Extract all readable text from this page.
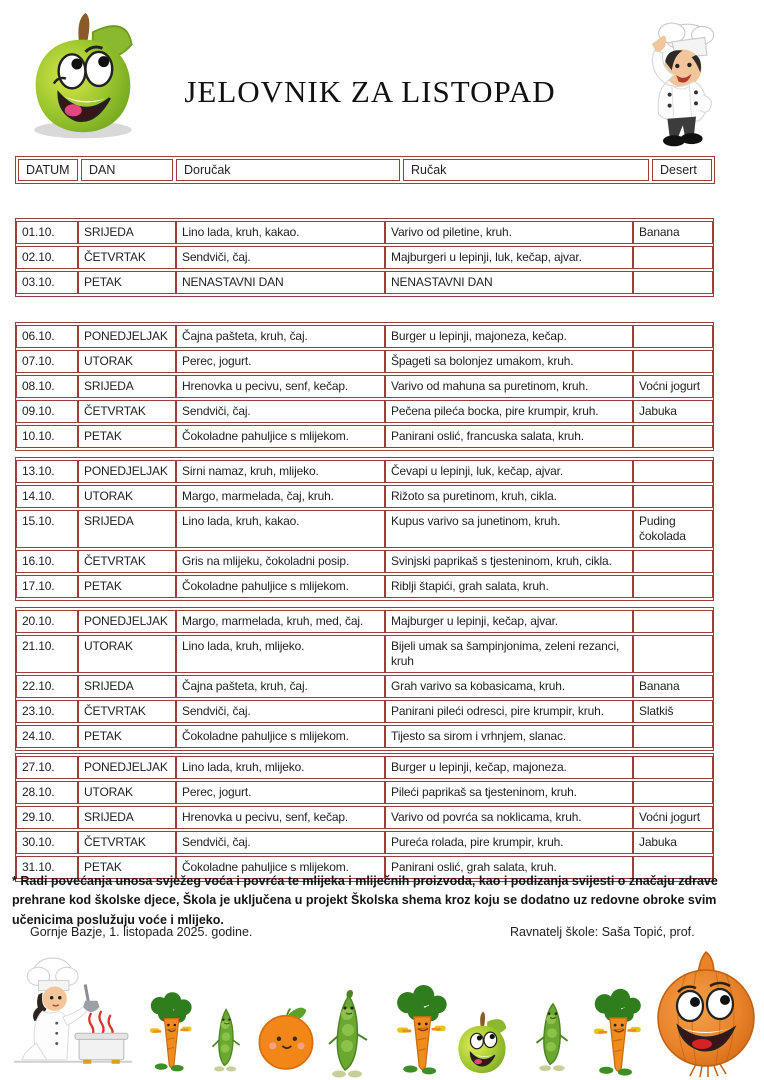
JELOVNIK ZA LISTOPAD
DATUM	DAN	Doručak	Ručak	Desert
01.10.	SRIJEDA	Lino lada, kruh, kakao.	Varivo od piletine, kruh.	Banana
02.10.	ČETVRTAK	Sendviči, čaj.	Majburgeri u lepinji, luk, kečap, ajvar.	
03.10.	PETAK	NENASTAVNI DAN	NENASTAVNI DAN	
06.10.	PONEDJELJAK	Čajna pašteta, kruh, čaj.	Burger u lepinji, majoneza, kečap.	
07.10.	UTORAK	Perec, jogurt.	Špageti sa bolonjez umakom, kruh.	
08.10.	SRIJEDA	Hrenovka u pecivu, senf, kečap.	Varivo od mahuna sa puretinom, kruh.	Voćni jogurt
09.10.	ČETVRTAK	Sendviči, čaj.	Pečena pileća bocka, pire krumpir, kruh.	Jabuka
10.10.	PETAK	Čokoladne pahuljice s mlijekom.	Panirani oslić, francuska salata, kruh.	
13.10.	PONEDJELJAK	Sirni namaz, kruh, mlijeko.	Čevapi u lepinji, luk, kečap, ajvar.	
14.10.	UTORAK	Margo, marmelada, čaj, kruh.	Rižoto sa puretinom, kruh, cikla.	
15.10.	SRIJEDA	Lino lada, kruh, kakao.	Kupus varivo sa junetinom, kruh.	Puding čokolada
16.10.	ČETVRTAK	Gris na mlijeku, čokoladni posip.	Svinjski paprikaš s tjesteninom, kruh, cikla.	
17.10.	PETAK	Čokoladne pahuljice s mlijekom.	Riblji štapići, grah salata, kruh.	
20.10.	PONEDJELJAK	Margo, marmelada, kruh, med, čaj.	Majburger u lepinji, kečap, ajvar.	
21.10.	UTORAK	Lino lada, kruh, mlijeko.	Bijeli umak sa šampinjonima, zeleni rezanci, kruh	
22.10.	SRIJEDA	Čajna pašteta, kruh, čaj.	Grah varivo sa kobasicama, kruh.	Banana
23.10.	ČETVRTAK	Sendviči, čaj.	Panirani pileći odresci, pire krumpir, kruh.	Slatkiš
24.10.	PETAK	Čokoladne pahuljice s mlijekom.	Tijesto sa sirom i vrhnjem, slanac.	
27.10.	PONEDJELJAK	Lino lada, kruh, mlijeko.	Burger u lepinji, kečap, majoneza.	
28.10.	UTORAK	Perec, jogurt.	Pileći paprikaš sa tjesteninom, kruh.	
29.10.	SRIJEDA	Hrenovka u pecivu, senf, kečap.	Varivo od povrća sa noklicama, kruh.	Voćni jogurt
30.10.	ČETVRTAK	Sendviči, čaj.	Pureća rolada, pire krumpir, kruh.	Jabuka
31.10.	PETAK	Čokoladne pahuljice s mlijekom.	Panirani oslić, grah salata, kruh.	
* Radi povećanja unosa svježeg voća i povrća te mlijeka i mliječnih proizvoda, kao i podizanja svijesti o značaju zdrave prehrane kod školske djece, Škola je uključena u projekt Školska shema kroz koju se dodatno uz redovne obroke svim učenicima poslužuju voće i mlijeko.
Gornje Bazje, 1. listopada 2025. godine.	Ravnatelj škole: Saša Topić, prof.
